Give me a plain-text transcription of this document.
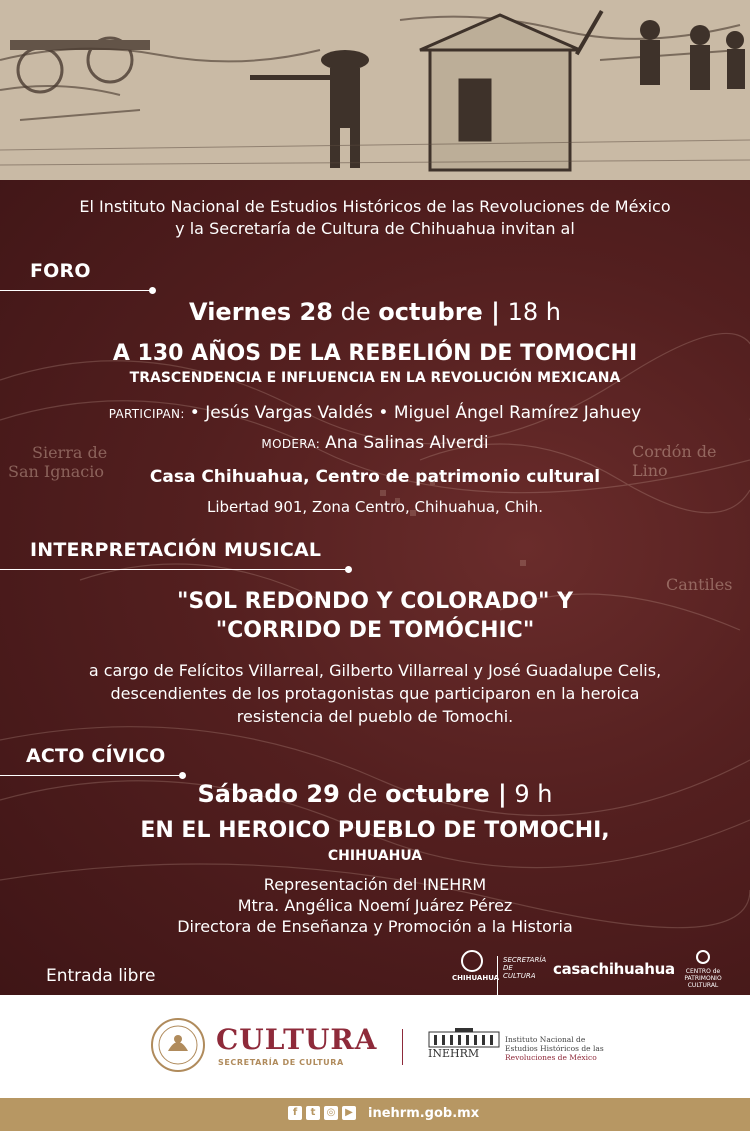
Sierra de
San Ignacio
Cordón de Lino
Cantiles
El Instituto Nacional de Estudios Históricos de las Revoluciones de México
y la Secretaría de Cultura de Chihuahua invitan al
FORO
Viernes 28 de octubre | 18 h
A 130 AÑOS DE LA REBELIÓN DE TOMOCHI
TRASCENDENCIA E INFLUENCIA EN LA REVOLUCIÓN MEXICANA
PARTICIPAN: • Jesús Vargas Valdés • Miguel Ángel Ramírez Jahuey
MODERA: Ana Salinas Alverdi
Casa Chihuahua, Centro de patrimonio cultural
Libertad 901, Zona Centro, Chihuahua, Chih.
INTERPRETACIÓN MUSICAL
"SOL REDONDO Y COLORADO" Y
"CORRIDO DE TOMÓCHIC"
a cargo de Felícitos Villarreal, Gilberto Villarreal y José Guadalupe Celis,
descendientes de los protagonistas que participaron en la heroica
resistencia del pueblo de Tomochi.
ACTO CÍVICO
Sábado 29 de octubre | 9 h
EN EL HEROICO PUEBLO DE TOMOCHI,
CHIHUAHUA
Representación del INEHRM
Mtra. Angélica Noemí Juárez Pérez
Directora de Enseñanza y Promoción a la Historia
Entrada libre	CHIHUAHUA
SECRETARÍA DE CULTURA	casachihuahua	CENTRO de PATRIMONIO CULTURAL
CULTURA
SECRETARÍA DE CULTURA
INEHRM
Instituto Nacional de
Estudios Históricos de las
Revoluciones de México
f	t	◎ ▶ inehrm.gob.mx
